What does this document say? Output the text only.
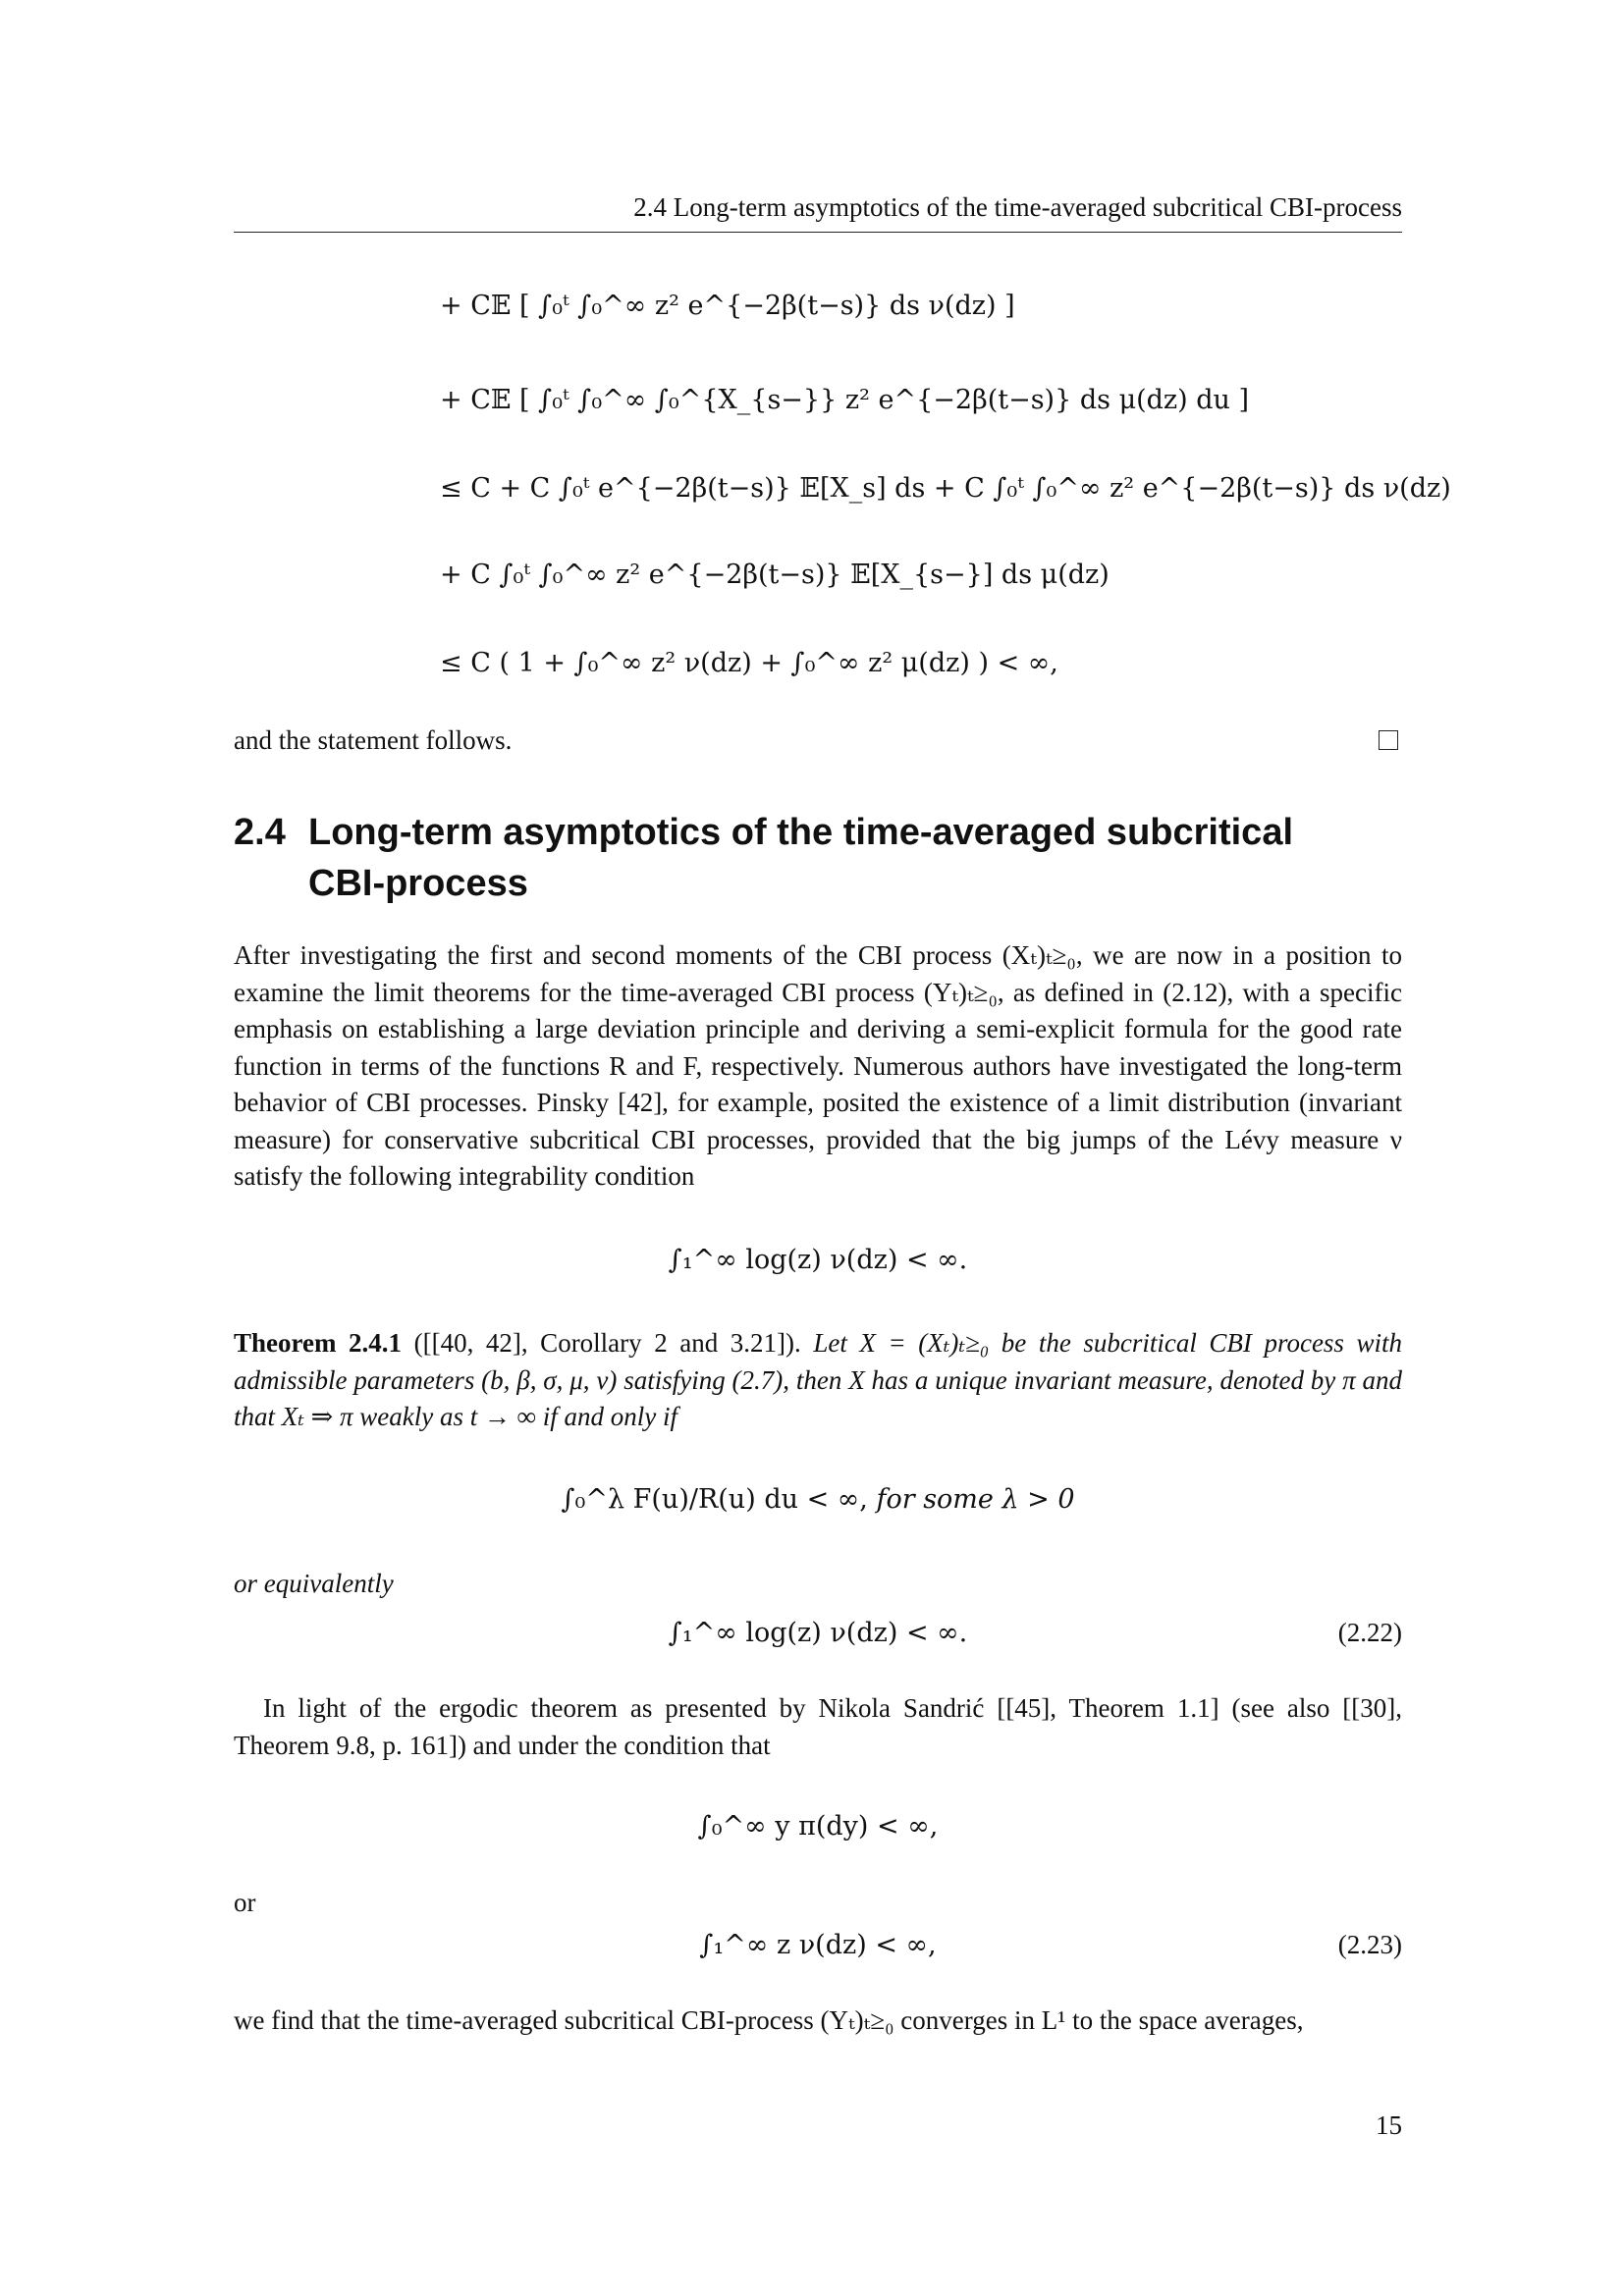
2.4 Long-term asymptotics of the time-averaged subcritical CBI-process
+ C𝔼 [ ∫₀ᵗ ∫₀^∞ z² e^{−2β(t−s)} ds ν(dz) ]
+ C𝔼 [ ∫₀ᵗ ∫₀^∞ ∫₀^{X_{s−}} z² e^{−2β(t−s)} ds μ(dz) du ]
≤ C + C ∫₀ᵗ e^{−2β(t−s)} 𝔼[X_s] ds + C ∫₀ᵗ ∫₀^∞ z² e^{−2β(t−s)} ds ν(dz)
+ C ∫₀ᵗ ∫₀^∞ z² e^{−2β(t−s)} 𝔼[X_{s−}] ds μ(dz)
≤ C ( 1 + ∫₀^∞ z² ν(dz) + ∫₀^∞ z² μ(dz) ) < ∞,
and the statement follows.
2.4 Long-term asymptotics of the time-averaged subcritical
CBI-process
After investigating the first and second moments of the CBI process (Xₜ)ₜ≥₀, we are now in a position to examine the limit theorems for the time-averaged CBI process (Yₜ)ₜ≥₀, as defined in (2.12), with a specific emphasis on establishing a large deviation principle and deriving a semi-explicit formula for the good rate function in terms of the functions R and F, respectively. Numerous authors have investigated the long-term behavior of CBI processes. Pinsky [42], for example, posited the existence of a limit distribution (invariant measure) for conservative subcritical CBI processes, provided that the big jumps of the Lévy measure ν satisfy the following integrability condition
∫₁^∞ log(z) ν(dz) < ∞.
Theorem 2.4.1 ([[40, 42], Corollary 2 and 3.21]). Let X = (Xₜ)ₜ≥₀ be the subcritical CBI process with admissible parameters (b, β, σ, μ, ν) satisfying (2.7), then X has a unique invariant measure, denoted by π and that Xₜ ⇒ π weakly as t → ∞ if and only if
∫₀^λ F(u)/R(u) du < ∞, for some λ > 0
or equivalently
∫₁^∞ log(z) ν(dz) < ∞.	(2.22)
In light of the ergodic theorem as presented by Nikola Sandrić [[45], Theorem 1.1] (see also [[30], Theorem 9.8, p. 161]) and under the condition that
∫₀^∞ y π(dy) < ∞,
or
∫₁^∞ z ν(dz) < ∞,	(2.23)
we find that the time-averaged subcritical CBI-process (Yₜ)ₜ≥₀ converges in L¹ to the space averages,
15
